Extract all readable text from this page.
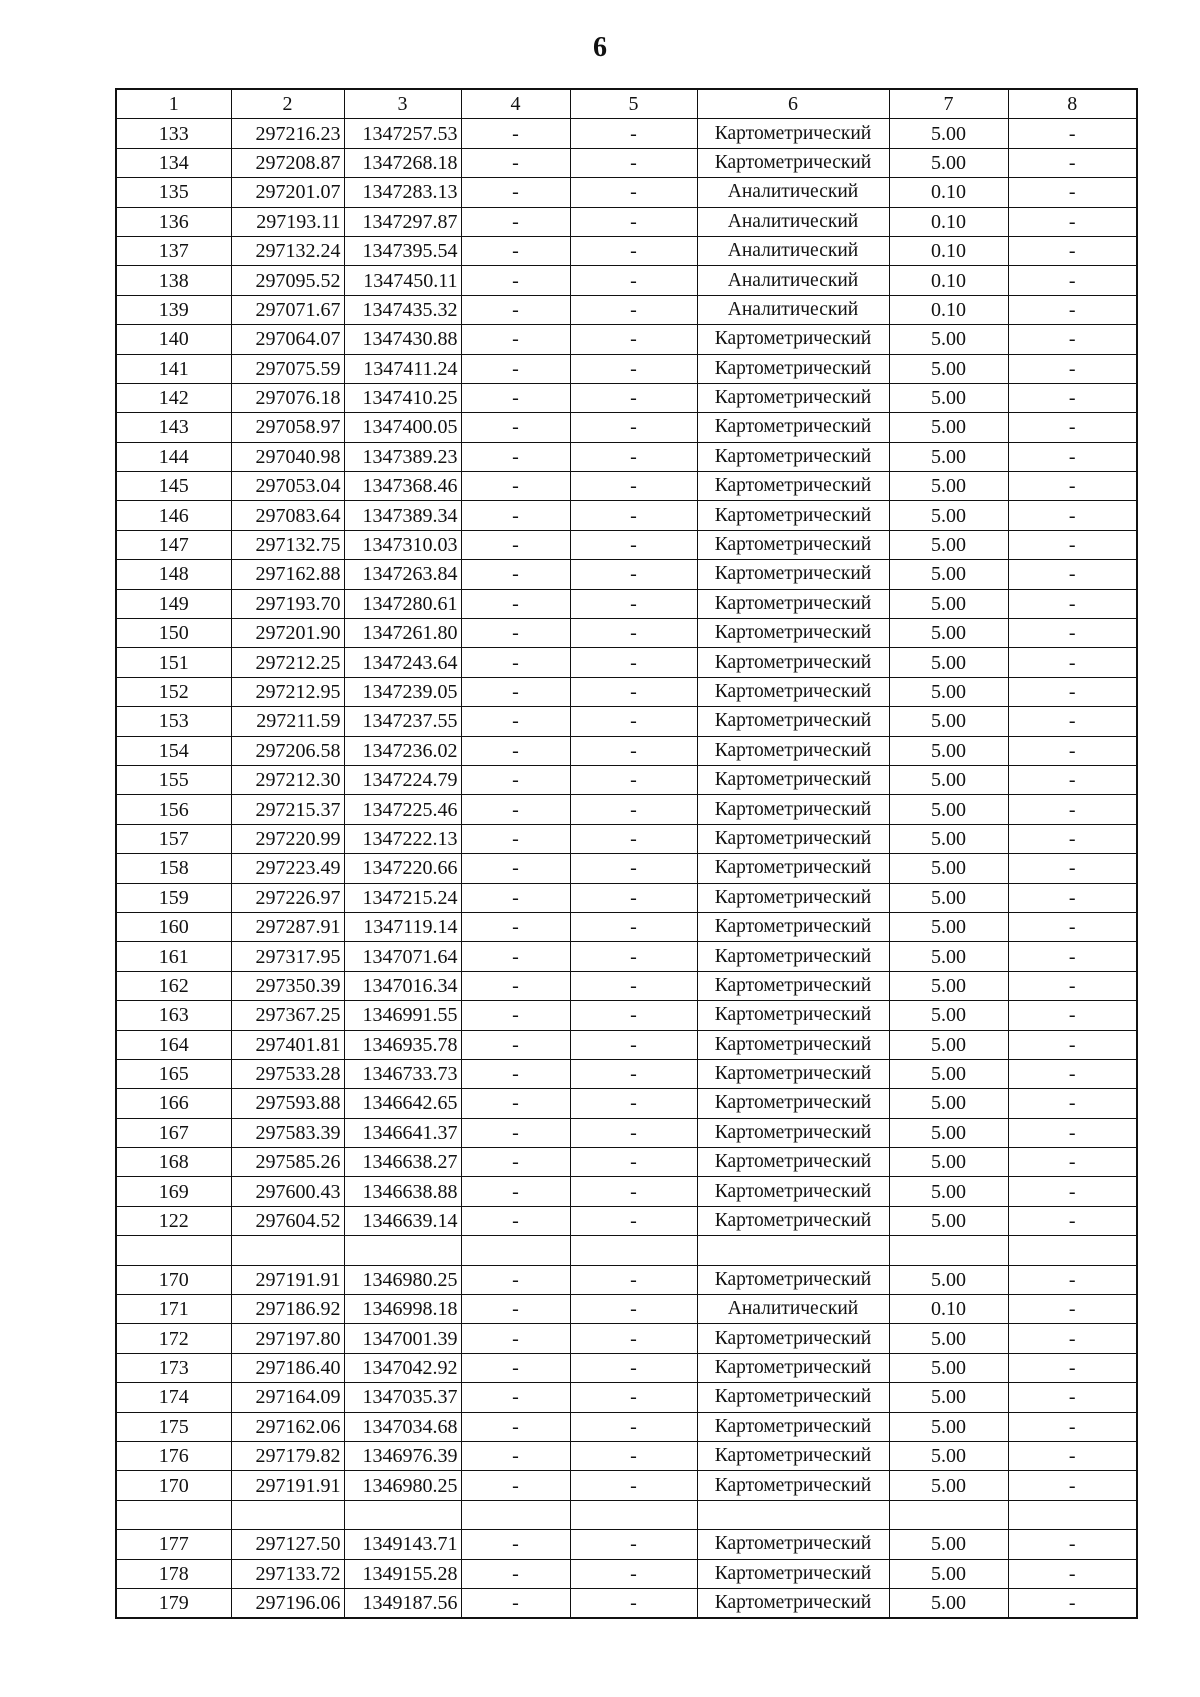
6
1	2	3	4	5	6	7	8
133	297216.23	1347257.53	-	-	Картометрический	5.00	-
134	297208.87	1347268.18	-	-	Картометрический	5.00	-
135	297201.07	1347283.13	-	-	Аналитический	0.10	-
136	297193.11	1347297.87	-	-	Аналитический	0.10	-
137	297132.24	1347395.54	-	-	Аналитический	0.10	-
138	297095.52	1347450.11	-	-	Аналитический	0.10	-
139	297071.67	1347435.32	-	-	Аналитический	0.10	-
140	297064.07	1347430.88	-	-	Картометрический	5.00	-
141	297075.59	1347411.24	-	-	Картометрический	5.00	-
142	297076.18	1347410.25	-	-	Картометрический	5.00	-
143	297058.97	1347400.05	-	-	Картометрический	5.00	-
144	297040.98	1347389.23	-	-	Картометрический	5.00	-
145	297053.04	1347368.46	-	-	Картометрический	5.00	-
146	297083.64	1347389.34	-	-	Картометрический	5.00	-
147	297132.75	1347310.03	-	-	Картометрический	5.00	-
148	297162.88	1347263.84	-	-	Картометрический	5.00	-
149	297193.70	1347280.61	-	-	Картометрический	5.00	-
150	297201.90	1347261.80	-	-	Картометрический	5.00	-
151	297212.25	1347243.64	-	-	Картометрический	5.00	-
152	297212.95	1347239.05	-	-	Картометрический	5.00	-
153	297211.59	1347237.55	-	-	Картометрический	5.00	-
154	297206.58	1347236.02	-	-	Картометрический	5.00	-
155	297212.30	1347224.79	-	-	Картометрический	5.00	-
156	297215.37	1347225.46	-	-	Картометрический	5.00	-
157	297220.99	1347222.13	-	-	Картометрический	5.00	-
158	297223.49	1347220.66	-	-	Картометрический	5.00	-
159	297226.97	1347215.24	-	-	Картометрический	5.00	-
160	297287.91	1347119.14	-	-	Картометрический	5.00	-
161	297317.95	1347071.64	-	-	Картометрический	5.00	-
162	297350.39	1347016.34	-	-	Картометрический	5.00	-
163	297367.25	1346991.55	-	-	Картометрический	5.00	-
164	297401.81	1346935.78	-	-	Картометрический	5.00	-
165	297533.28	1346733.73	-	-	Картометрический	5.00	-
166	297593.88	1346642.65	-	-	Картометрический	5.00	-
167	297583.39	1346641.37	-	-	Картометрический	5.00	-
168	297585.26	1346638.27	-	-	Картометрический	5.00	-
169	297600.43	1346638.88	-	-	Картометрический	5.00	-
122	297604.52	1346639.14	-	-	Картометрический	5.00	-

170	297191.91	1346980.25	-	-	Картометрический	5.00	-
171	297186.92	1346998.18	-	-	Аналитический	0.10	-
172	297197.80	1347001.39	-	-	Картометрический	5.00	-
173	297186.40	1347042.92	-	-	Картометрический	5.00	-
174	297164.09	1347035.37	-	-	Картометрический	5.00	-
175	297162.06	1347034.68	-	-	Картометрический	5.00	-
176	297179.82	1346976.39	-	-	Картометрический	5.00	-
170	297191.91	1346980.25	-	-	Картометрический	5.00	-

177	297127.50	1349143.71	-	-	Картометрический	5.00	-
178	297133.72	1349155.28	-	-	Картометрический	5.00	-
179	297196.06	1349187.56	-	-	Картометрический	5.00	-
